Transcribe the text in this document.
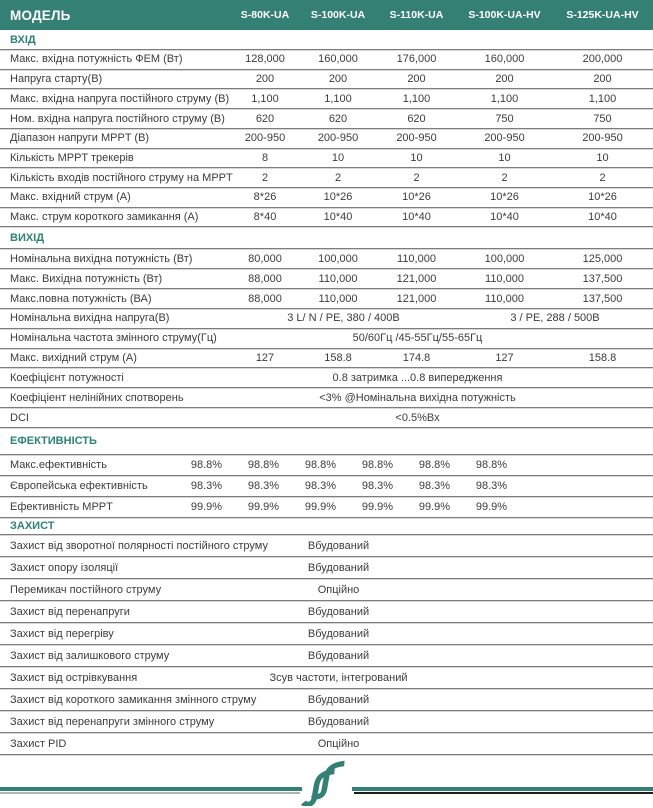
МОДЕЛЬ	S-80K-UA	S-100K-UA	S-110K-UA	S-100K-UA-HV	S-125K-UA-HV
ВХІД
Макс. вхідна потужність ФЕМ (Вт)	128,000	160,000	176,000	160,000	200,000
Напруга старту(В)	200	200	200	200	200
Макс. вхідна напруга постійного струму (В)	1,100	1,100	1,100	1,100	1,100
Ном. вхідна напруга постійного струму (В)	620	620	620	750	750
Діапазон напруги MPPT (В)	200-950	200-950	200-950	200-950	200-950
Кількість MPPT трекерів	8	10	10	10	10
Кількість входів постійного струму на MPPT	2	2	2	2	2
Макс. вхідний струм (А)	8*26	10*26	10*26	10*26	10*26
Макс. струм короткого замикання (А)	8*40	10*40	10*40	10*40	10*40
ВИХІД
Номінальна вихідна потужність (Вт)	80,000	100,000	110,000	100,000	125,000
Макс. Вихідна потужність (Вт)	88,000	110,000	121,000	110,000	137,500
Макс.повна потужність (ВА)	88,000	110,000	121,000	110,000	137,500
Номінальна вихідна напруга(В)	3 L/ N / PE, 380 / 400В	3 / PE, 288 / 500В
Номінальна частота змінного струму(Гц)	50/60Гц /45-55Гц/55-65Гц
Макс. вихідний струм (А)	127	158.8	174.8	127	158.8
Коефіцієнт потужності	0.8 затримка ...0.8 випередження
Коефіціент нелінійних спотворень	<3% @Номінальна вихідна потужність
DCI	<0.5%Вх
ЕФЕКТИВНІСТЬ
Макс.ефективність	98.8%	98.8%	98.8%	98.8%	98.8%	98.8%
Європейська ефективність	98.3%	98.3%	98.3%	98.3%	98.3%	98.3%
Ефективність MPPT	99.9%	99.9%	99.9%	99.9%	99.9%	99.9%
ЗАХИСТ
Захист від зворотної полярності постійного струму	Вбудований
Захист опору ізоляції	Вбудований
Перемикач постійного струму	Опційно
Захист від перенапруги	Вбудований
Захист від перегріву	Вбудований
Захист від залишкового струму	Вбудований
Захист від острівкування	Зсув частоти, інтегрований
Захист від короткого замикання змінного струму	Вбудований
Захист від перенапруги змінного струму	Вбудований
Захист PID	Опційно
